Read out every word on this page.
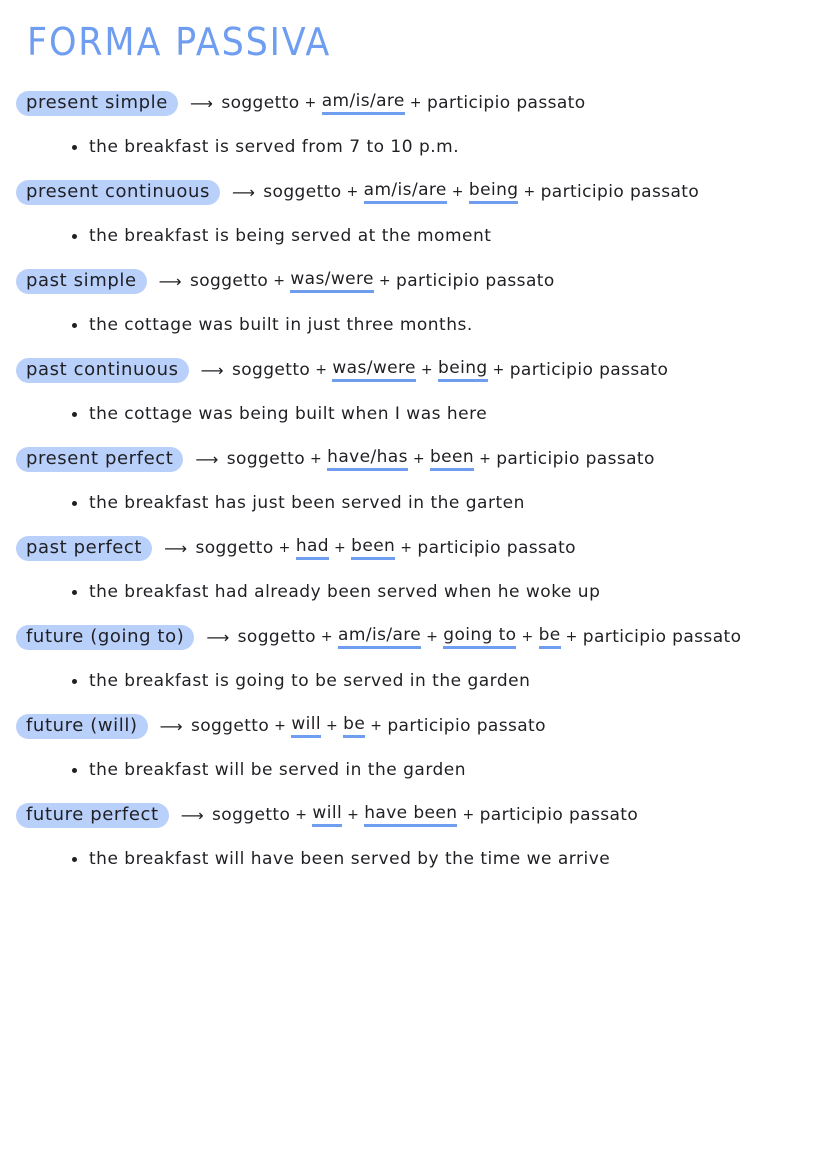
FORMA PASSIVA
present simple	⟶ soggetto + am/is/are + participio passato
the breakfast is served from 7 to 10 p.m.
present continuous	⟶ soggetto + am/is/are + being + participio passato
the breakfast is being served at the moment
past simple	⟶ soggetto + was/were + participio passato
the cottage was built in just three months.
past continuous	⟶ soggetto + was/were + being + participio passato
the cottage was being built when I was here
present perfect	⟶ soggetto + have/has + been + participio passato
the breakfast has just been served in the garten
past perfect	⟶ soggetto + had + been + participio passato
the breakfast had already been served when he woke up
future (going to)	⟶ soggetto + am/is/are + going to + be + participio passato
the breakfast is going to be served in the garden
future (will)	⟶ soggetto + will + be + participio passato
the breakfast will be served in the garden
future perfect	⟶ soggetto + will + have been + participio passato
the breakfast will have been served by the time we arrive
